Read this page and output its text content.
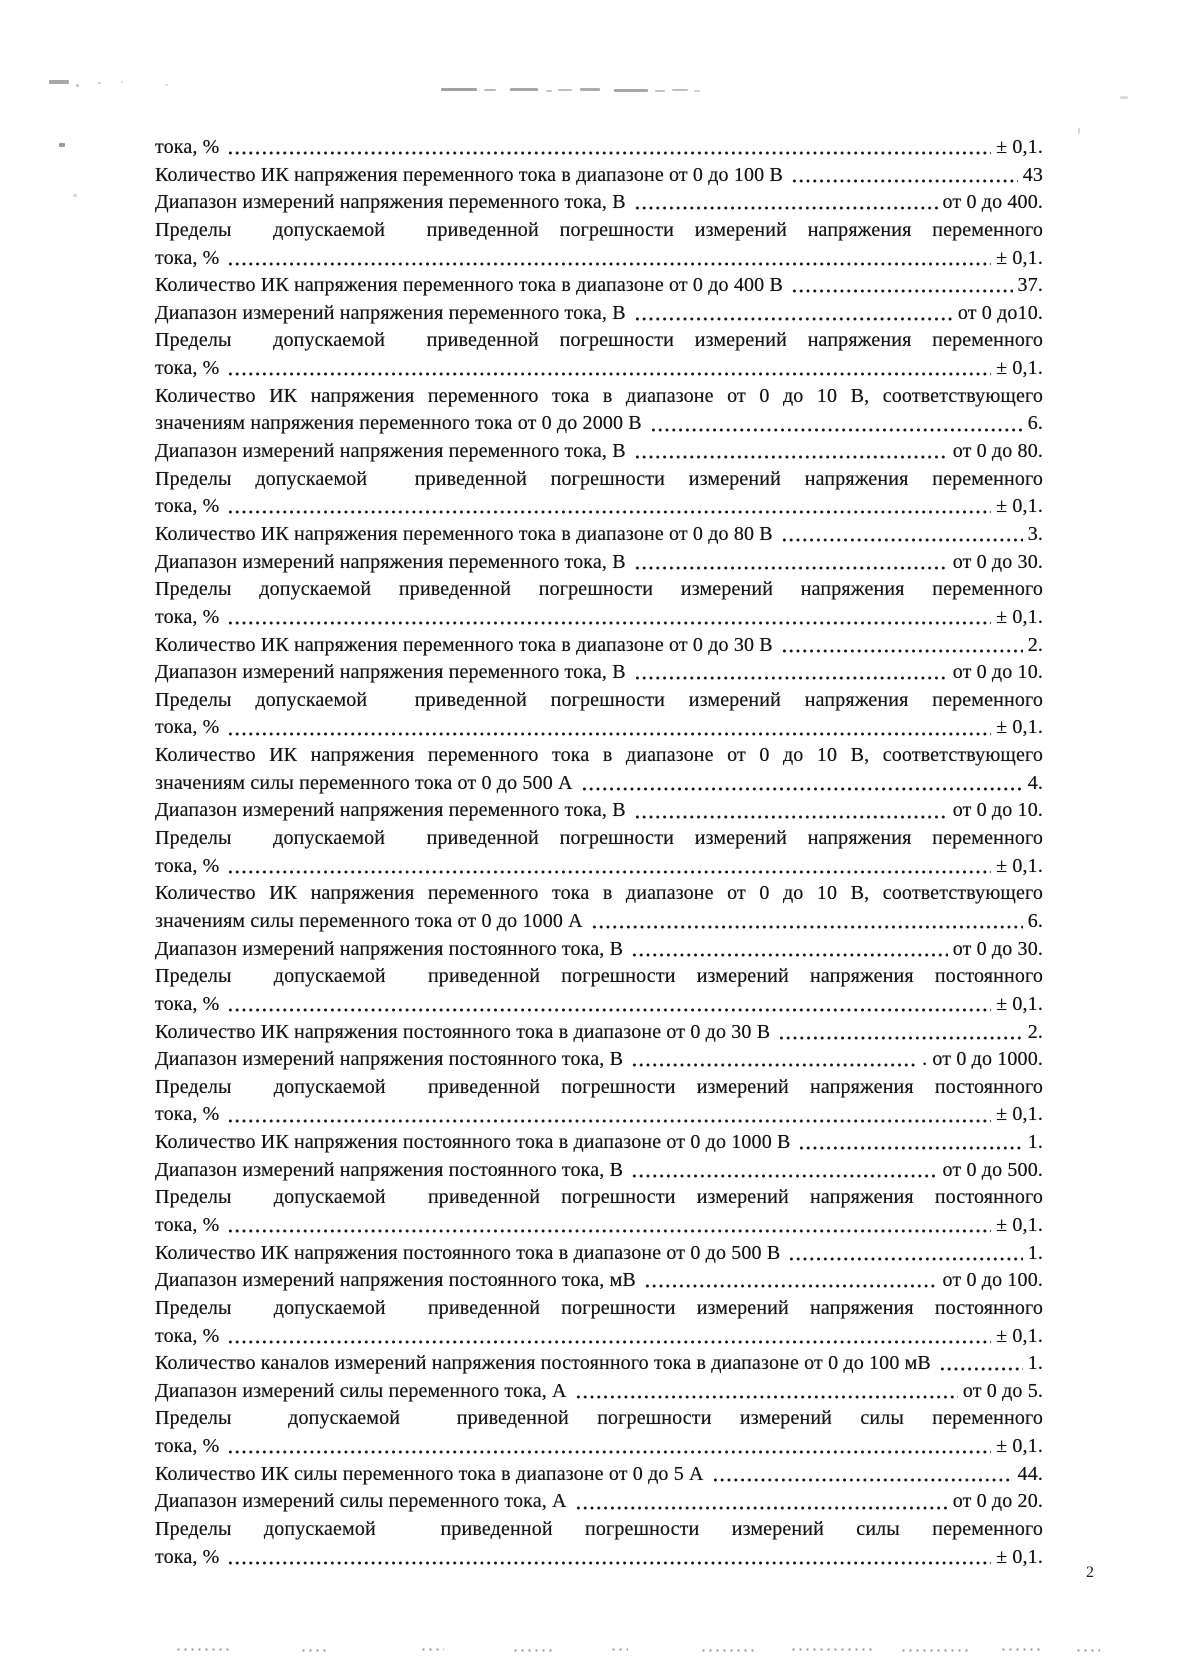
тока, %	± 0,1.
Количество ИК напряжения переменного тока в диапазоне от 0 до 100 В	43
Диапазон измерений напряжения переменного тока, В	от 0 до 400.
Пределы  допускаемой  приведенной погрешности измерений напряжения переменного
тока, %	± 0,1.
Количество ИК напряжения переменного тока в диапазоне от 0 до 400 В	37.
Диапазон измерений напряжения переменного тока, В	от 0 до10.
Пределы  допускаемой  приведенной погрешности измерений напряжения переменного
тока, %	± 0,1.
Количество ИК напряжения переменного тока в диапазоне от 0 до 10 В, соответствующего
значениям напряжения переменного тока от 0 до 2000 В	6.
Диапазон измерений напряжения переменного тока, В	от 0 до 80.
Пределы допускаемой  приведенной погрешности измерений напряжения переменного
тока, %	± 0,1.
Количество ИК напряжения переменного тока в диапазоне от 0 до 80 В	3.
Диапазон измерений напряжения переменного тока, В	от 0 до 30.
Пределы допускаемой приведенной погрешности измерений напряжения переменного
тока, %	± 0,1.
Количество ИК напряжения переменного тока в диапазоне от 0 до 30 В	2.
Диапазон измерений напряжения переменного тока, В	от 0 до 10.
Пределы допускаемой  приведенной погрешности измерений напряжения переменного
тока, %	± 0,1.
Количество ИК напряжения переменного тока в диапазоне от 0 до 10 В, соответствующего
значениям силы переменного тока от 0 до 500 А	4.
Диапазон измерений напряжения переменного тока, В	от 0 до 10.
Пределы  допускаемой  приведенной погрешности измерений напряжения переменного
тока, %	± 0,1.
Количество ИК напряжения переменного тока в диапазоне от 0 до 10 В, соответствующего
значениям силы переменного тока от 0 до 1000 А	6.
Диапазон измерений напряжения постоянного тока, В	от 0 до 30.
Пределы  допускаемой  приведенной погрешности измерений напряжения постоянного
тока, %	± 0,1.
Количество ИК напряжения постоянного тока в диапазоне от 0 до 30 В	2.
Диапазон измерений напряжения постоянного тока, В	. от 0 до 1000.
Пределы  допускаемой  приведенной погрешности измерений напряжения постоянного
тока, %	± 0,1.
Количество ИК напряжения постоянного тока в диапазоне от 0 до 1000 В	1.
Диапазон измерений напряжения постоянного тока, В	от 0 до 500.
Пределы  допускаемой  приведенной погрешности измерений напряжения постоянного
тока, %	± 0,1.
Количество ИК напряжения постоянного тока в диапазоне от 0 до 500 В	1.
Диапазон измерений напряжения постоянного тока, мВ	от 0 до 100.
Пределы  допускаемой  приведенной погрешности измерений напряжения постоянного
тока, %	± 0,1.
Количество каналов измерений напряжения постоянного тока в диапазоне от 0 до 100 мВ	1.
Диапазон измерений силы переменного тока, А	от 0 до 5.
Пределы  допускаемой  приведенной погрешности измерений силы переменного
тока, %	± 0,1.
Количество ИК силы переменного тока в диапазоне от 0 до 5 А	44.
Диапазон измерений силы переменного тока, А	от 0 до 20.
Пределы допускаемой  приведенной погрешности измерений силы переменного
тока, %	± 0,1.
2
